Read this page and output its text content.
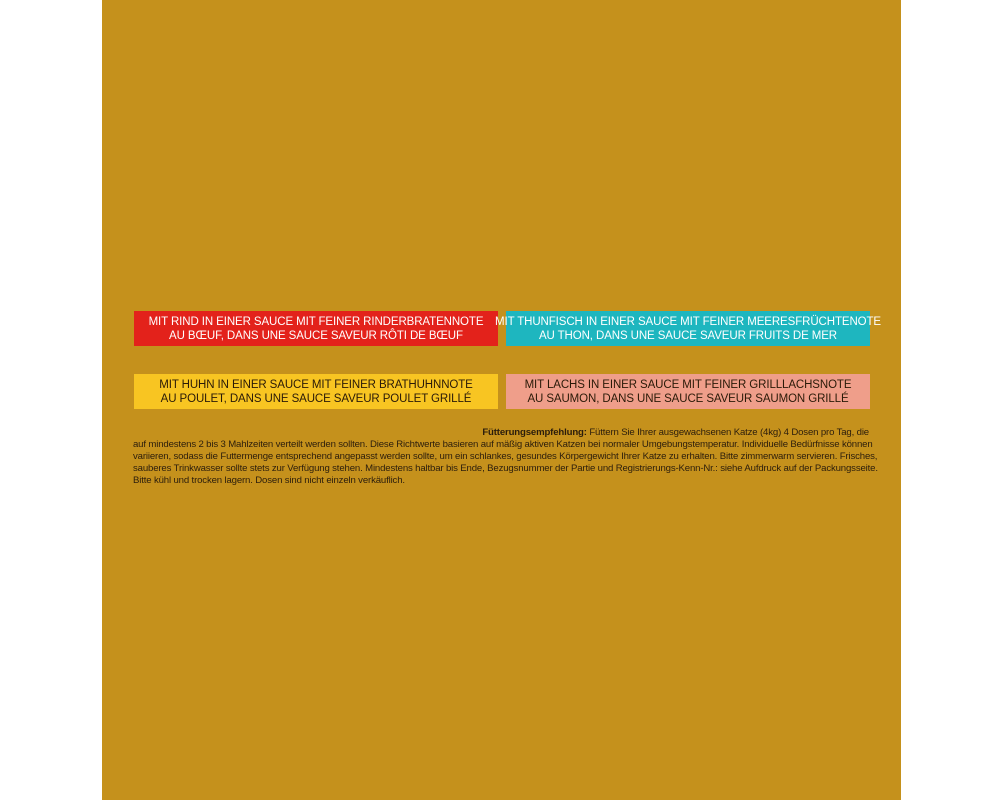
MIT RIND IN EINER SAUCE MIT FEINER RINDERBRATENNOTE
AU BŒUF, DANS UNE SAUCE SAVEUR RÔTI DE BŒUF
MIT THUNFISCH IN EINER SAUCE MIT FEINER MEERESFRÜCHTENOTE
AU THON, DANS UNE SAUCE SAVEUR FRUITS DE MER
MIT HUHN IN EINER SAUCE MIT FEINER BRATHUHNNOTE
AU POULET, DANS UNE SAUCE SAVEUR POULET GRILLÉ
MIT LACHS IN EINER SAUCE MIT FEINER GRILLLACHSNOTE
AU SAUMON, DANS UNE SAUCE SAVEUR SAUMON GRILLÉ
Fütterungsempfehlung: Füttern Sie Ihrer ausgewachsenen Katze (4kg) 4 Dosen pro Tag, die
auf mindestens 2 bis 3 Mahlzeiten verteilt werden sollten. Diese Richtwerte basieren auf mäßig aktiven Katzen bei normaler Umgebungstemperatur. Individuelle Bedürfnisse können
variieren, sodass die Futtermenge entsprechend angepasst werden sollte, um ein schlankes, gesundes Körpergewicht Ihrer Katze zu erhalten. Bitte zimmerwarm servieren. Frisches,
sauberes Trinkwasser sollte stets zur Verfügung stehen. Mindestens haltbar bis Ende, Bezugsnummer der Partie und Registrierungs-Kenn-Nr.: siehe Aufdruck auf der Packungsseite.
Bitte kühl und trocken lagern. Dosen sind nicht einzeln verkäuflich.
